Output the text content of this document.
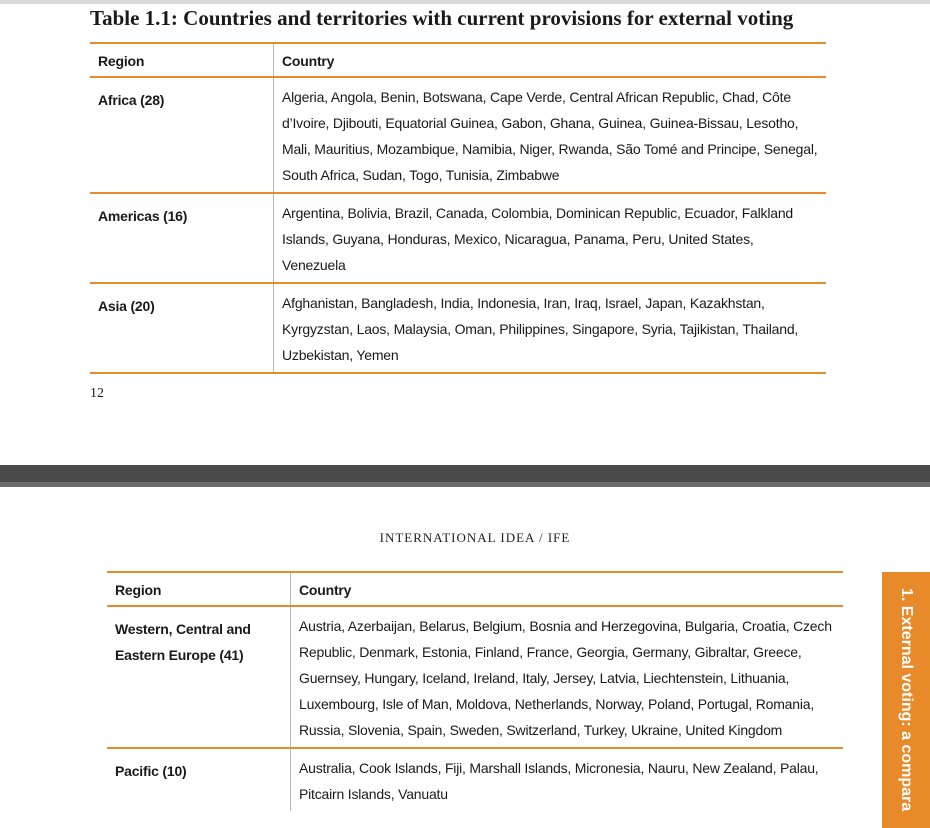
Table 1.1: Countries and territories with current provisions for external voting
Region	Country
Africa (28)	Algeria, Angola, Benin, Botswana, Cape Verde, Central African Republic, Chad, Côte d’Ivoire, Djibouti, Equatorial Guinea, Gabon, Ghana, Guinea, Guinea-Bissau, Lesotho, Mali, Mauritius, Mozambique, Namibia, Niger, Rwanda, São Tomé and Principe, Senegal, South Africa, Sudan, Togo, Tunisia, Zimbabwe
Americas (16)	Argentina, Bolivia, Brazil, Canada, Colombia, Dominican Republic, Ecuador, Falkland Islands, Guyana, Honduras, Mexico, Nicaragua, Panama, Peru, United States, Venezuela
Asia (20)	Afghanistan, Bangladesh, India, Indonesia, Iran, Iraq, Israel, Japan, Kazakhstan, Kyrgyzstan, Laos, Malaysia, Oman, Philippines, Singapore, Syria, Tajikistan, Thailand, Uzbekistan, Yemen
12
INTERNATIONAL IDEA / IFE
1. External voting: a compara
Region	Country
Western, Central and Eastern Europe (41)	Austria, Azerbaijan, Belarus, Belgium, Bosnia and Herzegovina, Bulgaria, Croatia, Czech Republic, Denmark, Estonia, Finland, France, Georgia, Germany, Gibraltar, Greece, Guernsey, Hungary, Iceland, Ireland, Italy, Jersey, Latvia, Liechtenstein, Lithuania, Luxembourg, Isle of Man, Moldova, Netherlands, Norway, Poland, Portugal, Romania, Russia, Slovenia, Spain, Sweden, Switzerland, Turkey, Ukraine, United Kingdom
Pacific (10)	Australia, Cook Islands, Fiji, Marshall Islands, Micronesia, Nauru, New Zealand, Palau, Pitcairn Islands, Vanuatu
